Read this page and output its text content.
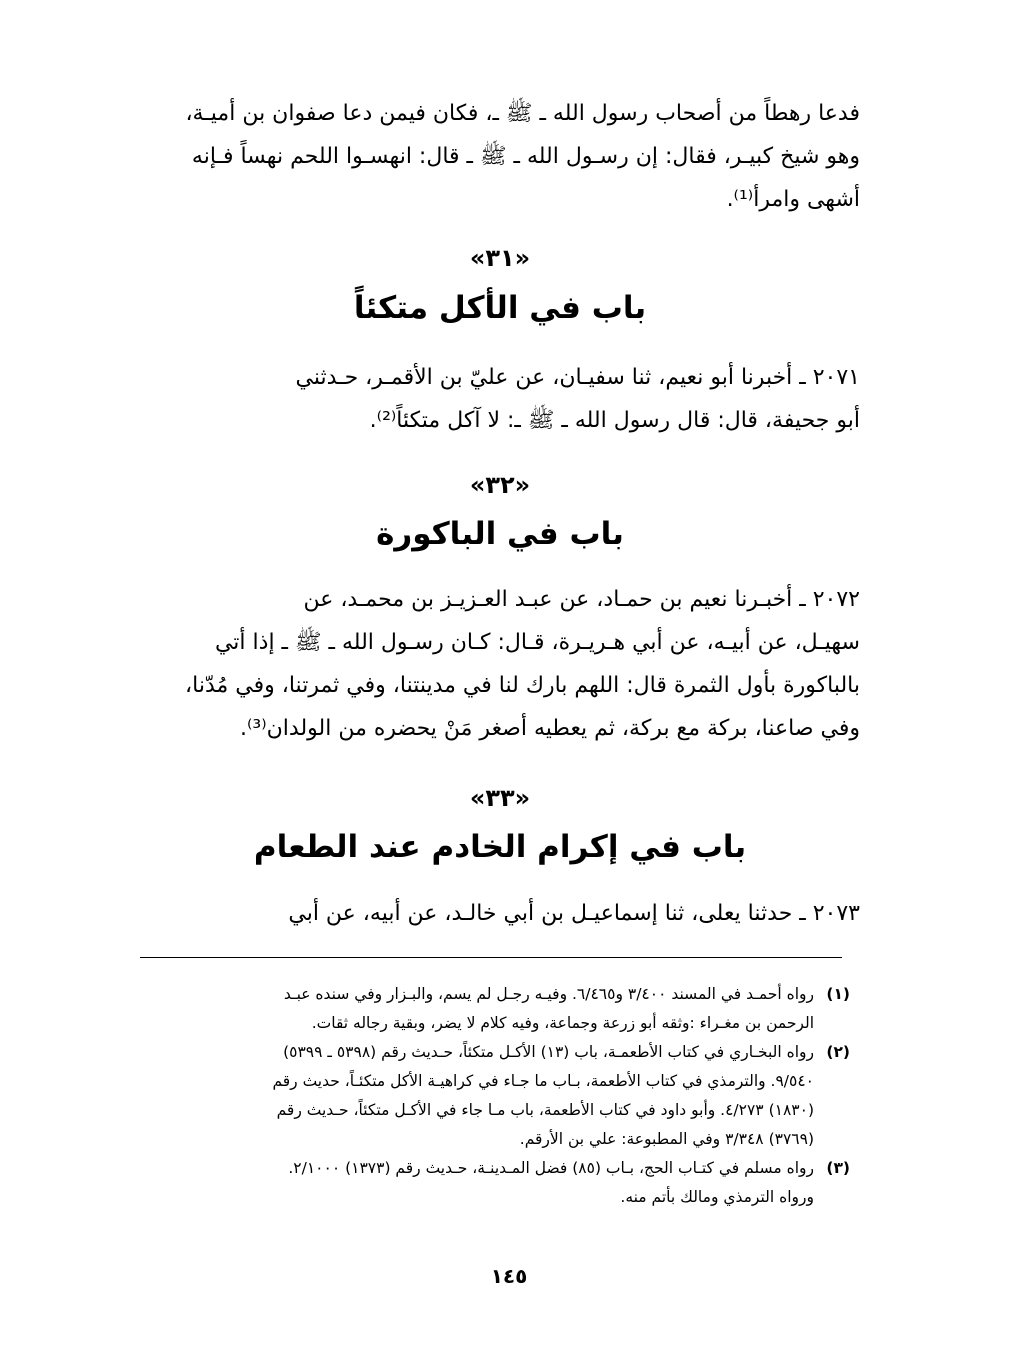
فدعا رهطاً من أصحاب رسول الله ـ ﷺ ـ، فكان فيمن دعا صفوان بن أميـة،
وهو شيخ كبيـر، فقال: إن رسـول الله ـ ﷺ ـ قال: انهسـوا اللحم نهساً فـإنه
أشهى وامرأ⁽¹⁾.
«٣١»
باب في الأكل متكئاً
٢٠٧١ ـ أخبرنا أبو نعيم، ثنا سفيـان، عن عليّ بن الأقمـر، حـدثني
أبو جحيفة، قال: قال رسول الله ـ ﷺ ـ: لا آكل متكئاً⁽²⁾.
«٣٢»
باب في الباكورة
٢٠٧٢ ـ أخبـرنا نعيم بن حمـاد، عن عبـد العـزيـز بن محمـد، عن
سهيـل، عن أبيـه، عن أبي هـريـرة، قـال: كـان رسـول الله ـ ﷺ ـ إذا أتي
بالباكورة بأول الثمرة قال: اللهم بارك لنا في مدينتنا، وفي ثمرتنا، وفي مُدّنا،
وفي صاعنا، بركة مع بركة، ثم يعطيه أصغر مَنْ يحضره من الولدان⁽³⁾.
«٣٣»
باب في إكرام الخادم عند الطعام
٢٠٧٣ ـ حدثنا يعلى، ثنا إسماعيـل بن أبي خالـد، عن أبيه، عن أبي
(١)
رواه أحمـد في المسند ٣/٤٠٠ و٦/٤٦٥. وفيـه رجـل لم يسم، والبـزار وفي سنده عبـد
الرحمن بن مغـراء :وثقه أبو زرعة وجماعة، وفيه كلام لا يضر، وبقية رجاله ثقات.
(٢)
رواه البخـاري في كتاب الأطعمـة، باب (١٣) الأكـل متكئاً، حـديث رقم (٥٣٩٨ ـ ٥٣٩٩)
٩/٥٤٠. والترمذي في كتاب الأطعمة، بـاب ما جـاء في كراهيـة الأكل متكئـاً، حديث رقم
(١٨٣٠) ٤/٢٧٣. وأبو داود في كتاب الأطعمة، باب مـا جاء في الأكـل متكئاً، حـديث رقم
(٣٧٦٩) ٣/٣٤٨ وفي المطبوعة: علي بن الأرقم.
(٣)
رواه مسلم في كتـاب الحج، بـاب (٨٥) فضل المـدينـة، حـديث رقم (١٣٧٣) ٢/١٠٠٠.
ورواه الترمذي ومالك بأتم منه.
١٤٥
